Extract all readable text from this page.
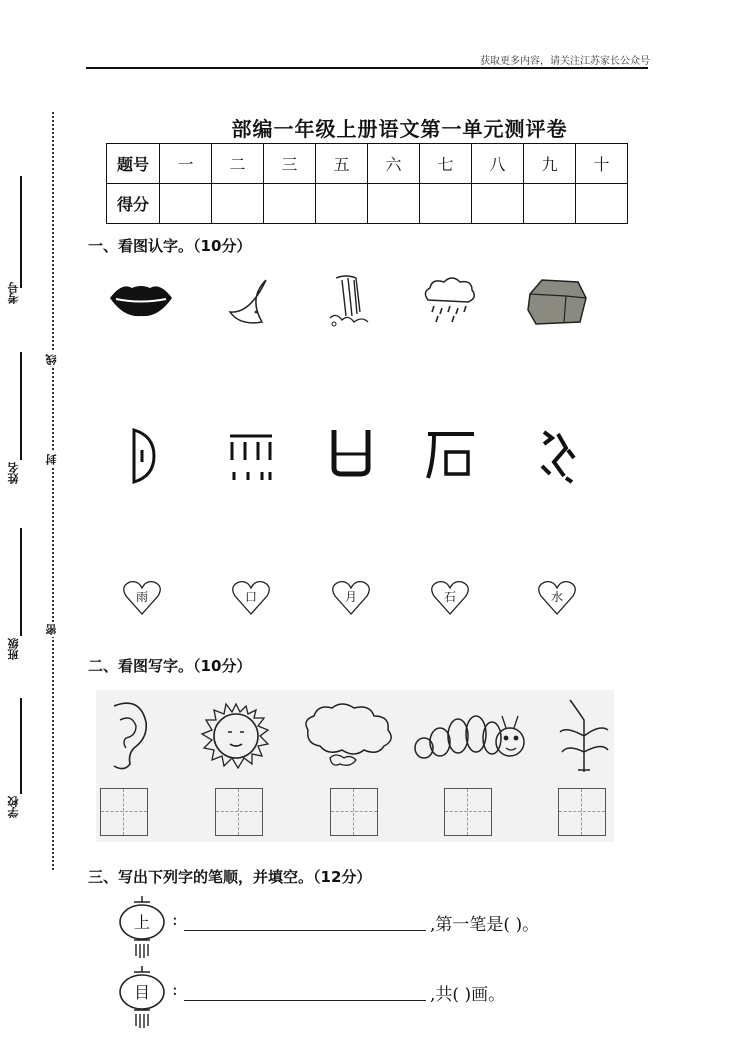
获取更多内容，请关注江苏家长公众号
考号
姓名
班级
学校
线
封
密
部编一年级上册语文第一单元测评卷
题号	一	二	三	五	六	七	八	九	十
得分									
一、看图认字。（10分）
雨	口	月	石	水
二、看图写字。（10分）
三、写出下列字的笔顺，并填空。（12分）
上	:	,第一笔是( )。
目	:	,共( )画。
